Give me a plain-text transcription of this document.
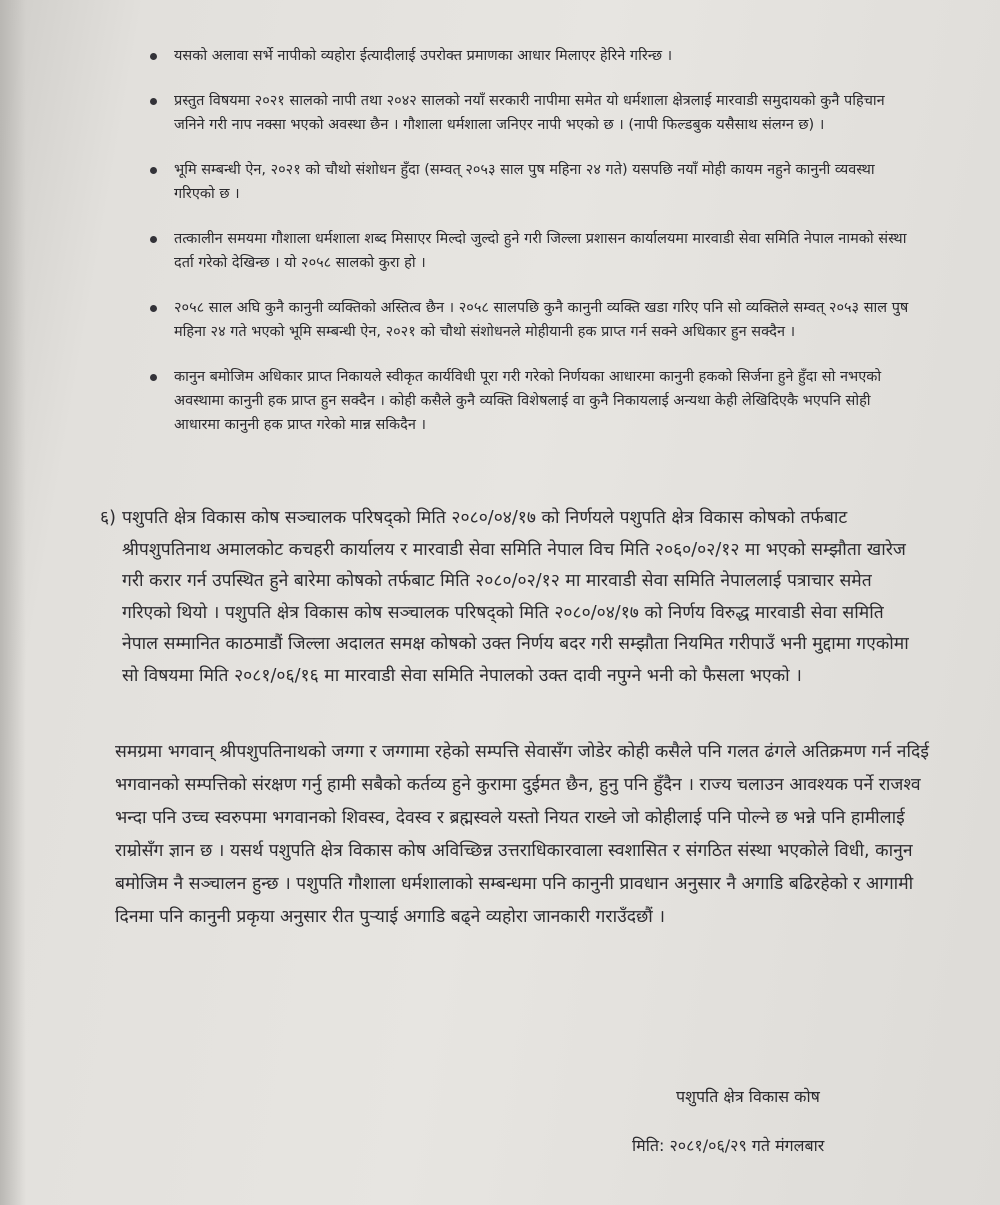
यसको अलावा सर्भे नापीको व्यहोरा ईत्यादीलाई उपरोक्त प्रमाणका आधार मिलाएर हेरिने गरिन्छ ।
प्रस्तुत विषयमा २०२१ सालको नापी तथा २०४२ सालको नयाँ सरकारी नापीमा समेत यो धर्मशाला क्षेत्रलाई मारवाडी समुदायको कुनै पहिचान जनिने गरी नाप नक्सा भएको अवस्था छैन । गौशाला धर्मशाला जनिएर नापी भएको छ । (नापी फिल्डबुक यसैसाथ संलग्न छ) ।
भूमि सम्बन्धी ऐन, २०२१ को चौथो संशोधन हुँदा (सम्वत् २०५३ साल पुष महिना २४ गते) यसपछि नयाँ मोही कायम नहुने कानुनी व्यवस्था गरिएको छ ।
तत्कालीन समयमा गौशाला धर्मशाला शब्द मिसाएर मिल्दो जुल्दो हुने गरी जिल्ला प्रशासन कार्यालयमा मारवाडी सेवा समिति नेपाल नामको संस्था दर्ता गरेको देखिन्छ । यो २०५८ सालको कुरा हो ।
२०५८ साल अघि कुनै कानुनी व्यक्तिको अस्तित्व छैन । २०५८ सालपछि कुनै कानुनी व्यक्ति खडा गरिए पनि सो व्यक्तिले सम्वत् २०५३ साल पुष महिना २४ गते भएको भूमि सम्बन्धी ऐन, २०२१ को चौथो संशोधनले मोहीयानी हक प्राप्त गर्न सक्ने अधिकार हुन सक्दैन ।
कानुन बमोजिम अधिकार प्राप्त निकायले स्वीकृत कार्यविधी पूरा गरी गरेको निर्णयका आधारमा कानुनी हकको सिर्जना हुने हुँदा सो नभएको अवस्थामा कानुनी हक प्राप्त हुन सक्दैन । कोही कसैले कुनै व्यक्ति विशेषलाई वा कुनै निकायलाई अन्यथा केही लेखिदिएकै भएपनि सोही आधारमा कानुनी हक प्राप्त गरेको मान्न सकिदैन ।
६) पशुपति क्षेत्र विकास कोष सञ्चालक परिषद्को मिति २०८०/०४/१७ को निर्णयले पशुपति क्षेत्र विकास कोषको तर्फबाट श्रीपशुपतिनाथ अमालकोट कचहरी कार्यालय र मारवाडी सेवा समिति नेपाल विच मिति २०६०/०२/१२ मा भएको सम्झौता खारेज गरी करार गर्न उपस्थित हुने बारेमा कोषको तर्फबाट मिति २०८०/०२/१२ मा मारवाडी सेवा समिति नेपाललाई पत्राचार समेत गरिएको थियो । पशुपति क्षेत्र विकास कोष सञ्चालक परिषद्को मिति २०८०/०४/१७ को निर्णय विरुद्ध मारवाडी सेवा समिति नेपाल सम्मानित काठमाडौं जिल्ला अदालत समक्ष कोषको उक्त निर्णय बदर गरी सम्झौता नियमित गरीपाउँ भनी मुद्दामा गएकोमा सो विषयमा मिति २०८१/०६/१६ मा मारवाडी सेवा समिति नेपालको उक्त दावी नपुग्ने भनी को फैसला भएको ।

समग्रमा भगवान् श्रीपशुपतिनाथको जग्गा र जग्गामा रहेको सम्पत्ति सेवासँग जोडेर कोही कसैले पनि गलत ढंगले अतिक्रमण गर्न नदिई भगवानको सम्पत्तिको संरक्षण गर्नु हामी सबैको कर्तव्य हुने कुरामा दुईमत छैन, हुनु पनि हुँदैन । राज्य चलाउन आवश्यक पर्ने राजश्व भन्दा पनि उच्च स्वरुपमा भगवानको शिवस्व, देवस्व र ब्रह्मस्वले यस्तो नियत राख्ने जो कोहीलाई पनि पोल्ने छ भन्ने पनि हामीलाई राम्रोसँग ज्ञान छ । यसर्थ पशुपति क्षेत्र विकास कोष अविच्छिन्न उत्तराधिकारवाला स्वशासित र संगठित संस्था भएकोले विधी, कानुन बमोजिम नै सञ्चालन हुन्छ । पशुपति गौशाला धर्मशालाको सम्बन्धमा पनि कानुनी प्रावधान अनुसार नै अगाडि बढिरहेको र आगामी दिनमा पनि कानुनी प्रकृया अनुसार रीत पुऱ्याई अगाडि बढ्ने व्यहोरा जानकारी गराउँदछौं ।

पशुपति क्षेत्र विकास कोष
मिति: २०८१/०६/२९ गते मंगलबार
